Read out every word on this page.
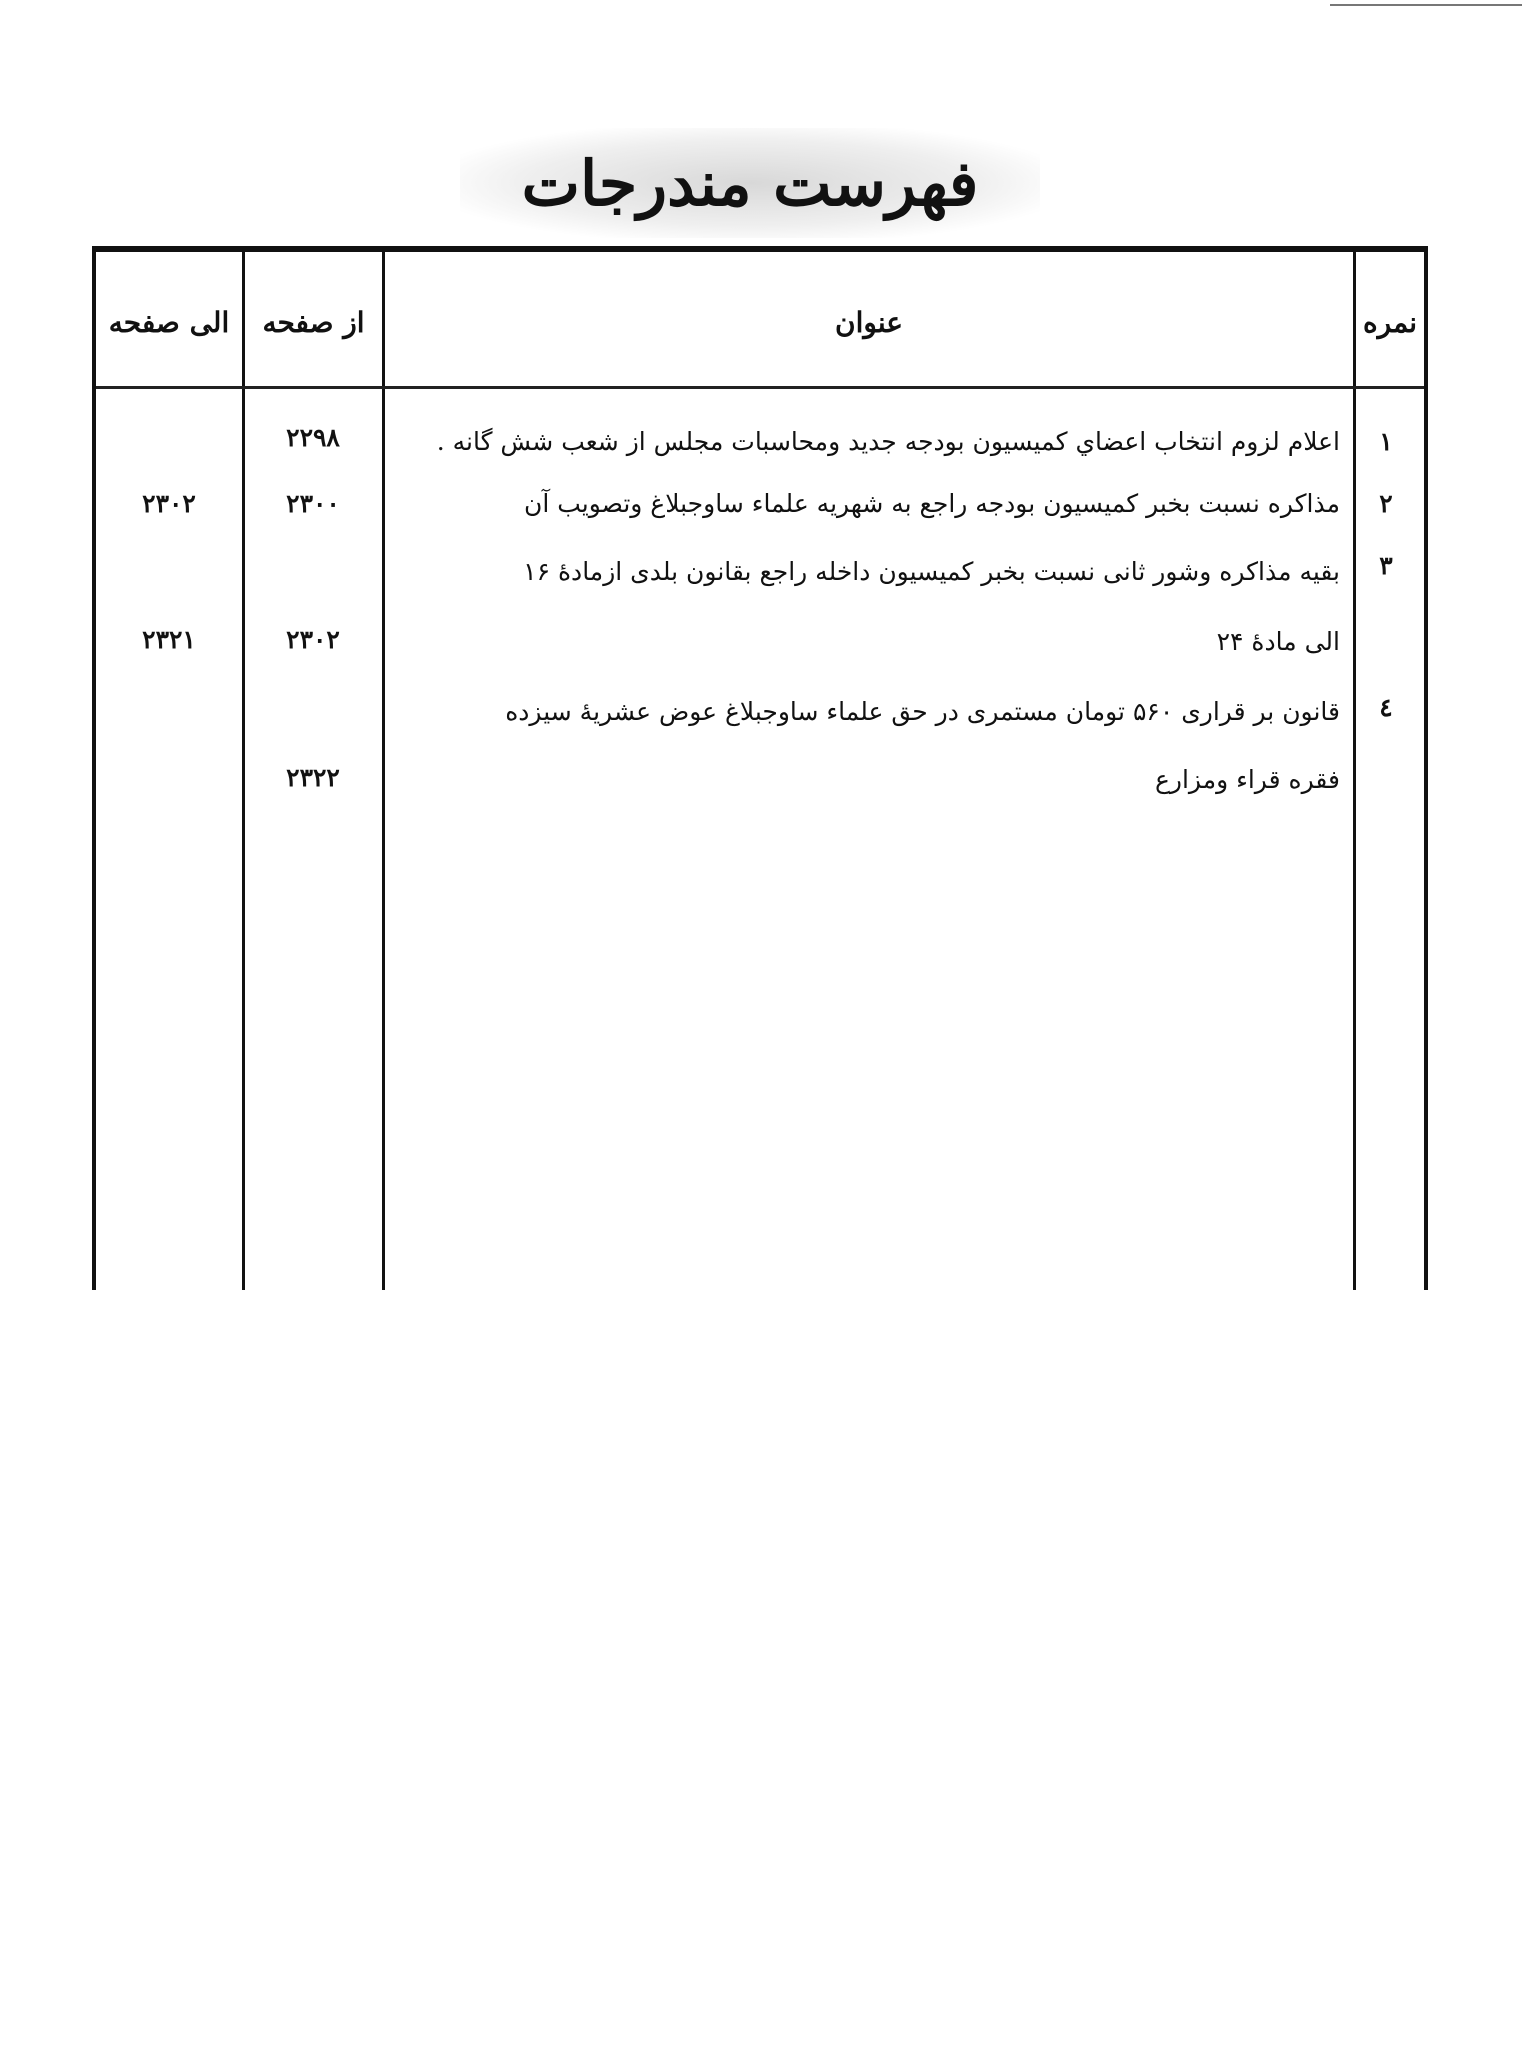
فهرست مندرجات
نمره
عنوان
از صفحه
الی صفحه
۱
اعلام لزوم انتخاب اعضاي کمیسیون بودجه جدید ومحاسبات مجلس از شعب شش گانه .
۲۲۹۸
۲
مذاکره نسبت بخبر کمیسیون بودجه راجع به شهریه علماء ساوجبلاغ وتصویب آن
۲۳۰۰
۲۳۰۲
۳
بقیه مذاکره وشور ثانی نسبت بخبر کمیسیون داخله راجع بقانون بلدی ازمادهٔ ۱۶
الی مادهٔ ۲۴
۲۳۰۲
۲۳۲۱
٤
قانون بر قراری ۵۶۰ تومان مستمری در حق علماء ساوجبلاغ عوض عشریهٔ سیزده
فقره قراء ومزارع
۲۳۲۲
